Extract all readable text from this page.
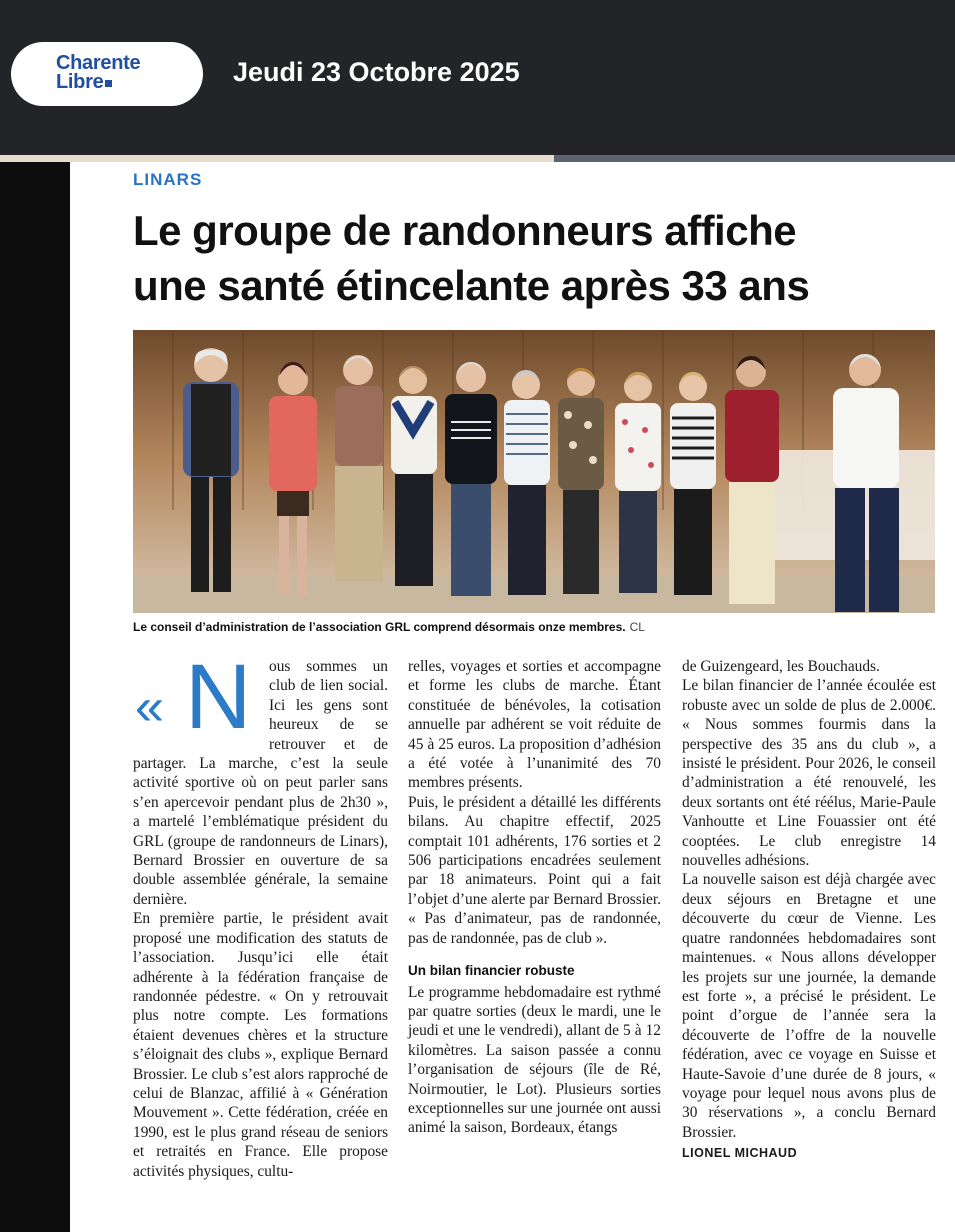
Charente
Libre	Jeudi 23 Octobre 2025
LINARS
Le groupe de randonneurs affiche
une santé étincelante après 33 ans
Le conseil d’administration de l’association GRL comprend désormais onze membres. CL
« N	ous sommes un club de lien social. Ici les gens sont heureux de se retrouver et de partager. La marche, c’est la seule activité sportive où on peut parler sans s’en apercevoir pendant plus de 2h30 », a martelé l’emblématique président du GRL (groupe de randonneurs de Linars), Bernard Brossier en ouverture de sa double assemblée générale, la semaine dernière.

En première partie, le président avait proposé une modification des statuts de l’association. Jusqu’ici elle était adhérente à la fédération française de randonnée pédestre. « On y retrouvait plus notre compte. Les formations étaient devenues chères et la structure s’éloignait des clubs », explique Bernard Brossier. Le club s’est alors rapproché de celui de Blanzac, affilié à « Génération Mouvement ». Cette fédération, créée en 1990, est le plus grand réseau de seniors et retraités en France. Elle propose activités physiques, cultu-

relles, voyages et sorties et accompagne et forme les clubs de marche. Étant constituée de bénévoles, la cotisation annuelle par adhérent se voit réduite de 45 à 25 euros. La proposition d’adhésion a été votée à l’unanimité des 70 membres présents.

Puis, le président a détaillé les différents bilans. Au chapitre effectif, 2025 comptait 101 adhérents, 176 sorties et 2 506 participations encadrées seulement par 18 animateurs. Point qui a fait l’objet d’une alerte par Bernard Brossier. « Pas d’animateur, pas de randonnée, pas de randonnée, pas de club ».

Un bilan financier robuste

Le programme hebdomadaire est rythmé par quatre sorties (deux le mardi, une le jeudi et une le vendredi), allant de 5 à 12 kilomètres. La saison passée a connu l’organisation de séjours (île de Ré, Noirmoutier, le Lot). Plusieurs sorties exceptionnelles sur une journée ont aussi animé la saison, Bordeaux, étangs

de Guizengeard, les Bouchauds.

Le bilan financier de l’année écoulée est robuste avec un solde de plus de 2.000€. « Nous sommes fourmis dans la perspective des 35 ans du club », a insisté le président. Pour 2026, le conseil d’administration a été renouvelé, les deux sortants ont été réélus, Marie-Paule Vanhoutte et Line Fouassier ont été cooptées. Le club enregistre 14 nouvelles adhésions.

La nouvelle saison est déjà chargée avec deux séjours en Bretagne et une découverte du cœur de Vienne. Les quatre randonnées hebdomadaires sont maintenues. « Nous allons développer les projets sur une journée, la demande est forte », a précisé le président. Le point d’orgue de l’année sera la découverte de l’offre de la nouvelle fédération, avec ce voyage en Suisse et Haute-Savoie d’une durée de 8 jours, « voyage pour lequel nous avons plus de 30 réservations », a conclu Bernard Brossier.

LIONEL MICHAUD
